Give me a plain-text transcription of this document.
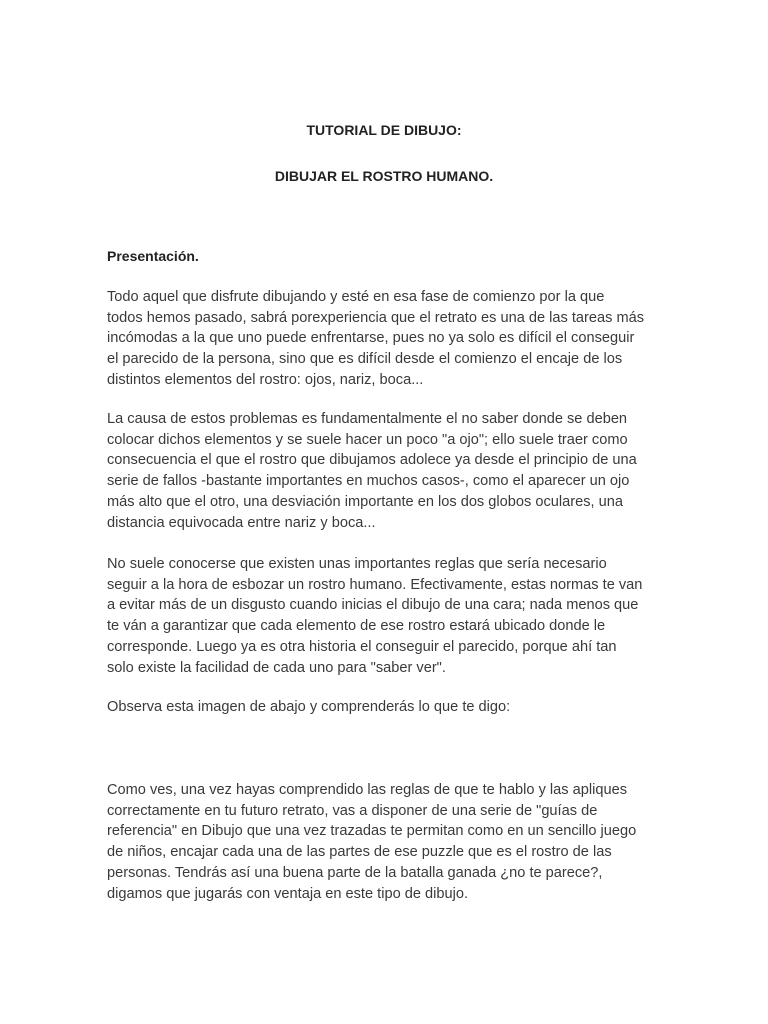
TUTORIAL DE DIBUJO:
DIBUJAR EL ROSTRO HUMANO.
Presentación.

Todo aquel que disfrute dibujando y esté en esa fase de comienzo por la que
todos hemos pasado, sabrá porexperiencia que el retrato es una de las tareas más
incómodas a la que uno puede enfrentarse, pues no ya solo es difícil el conseguir
el parecido de la persona, sino que es difícil desde el comienzo el encaje de los
distintos elementos del rostro: ojos, nariz, boca...

La causa de estos problemas es fundamentalmente el no saber donde se deben
colocar dichos elementos y se suele hacer un poco "a ojo"; ello suele traer como
consecuencia el que el rostro que dibujamos adolece ya desde el principio de una
serie de fallos -bastante importantes en muchos casos-, como el aparecer un ojo
más alto que el otro, una desviación importante en los dos globos oculares, una
distancia equivocada entre nariz y boca...

No suele conocerse que existen unas importantes reglas que sería necesario
seguir a la hora de esbozar un rostro humano. Efectivamente, estas normas te van
a evitar más de un disgusto cuando inicias el dibujo de una cara; nada menos que
te ván a garantizar que cada elemento de ese rostro estará ubicado donde le
corresponde. Luego ya es otra historia el conseguir el parecido, porque ahí tan
solo existe la facilidad de cada uno para "saber ver".

Observa esta imagen de abajo y comprenderás lo que te digo:

Como ves, una vez hayas comprendido las reglas de que te hablo y las apliques
correctamente en tu futuro retrato, vas a disponer de una serie de "guías de
referencia" en Dibujo que una vez trazadas te permitan como en un sencillo juego
de niños, encajar cada una de las partes de ese puzzle que es el rostro de las
personas. Tendrás así una buena parte de la batalla ganada ¿no te parece?,
digamos que jugarás con ventaja en este tipo de dibujo.
